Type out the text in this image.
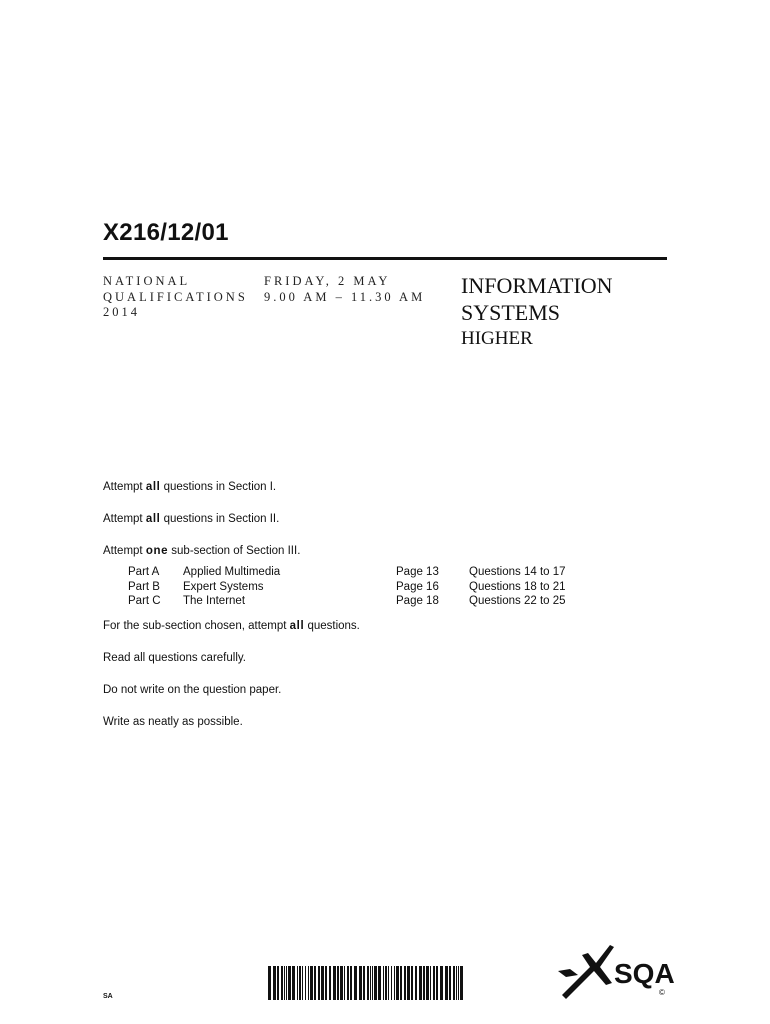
X216/12/01
NATIONAL
QUALIFICATIONS
2014
FRIDAY, 2 MAY
9.00 AM – 11.30 AM INFORMATION
SYSTEMS
HIGHER
Attempt all questions in Section I.
Attempt all questions in Section II.
Attempt one sub-section of Section III.
Part A Applied Multimedia	Page 13	Questions 14 to 17
Part B Expert Systems	Page 16	Questions 18 to 21
Part C The Internet	Page 18	Questions 22 to 25
For the sub-section chosen, attempt all questions.
Read all questions carefully.
Do not write on the question paper.
Write as neatly as possible.
SA
SQA
©
